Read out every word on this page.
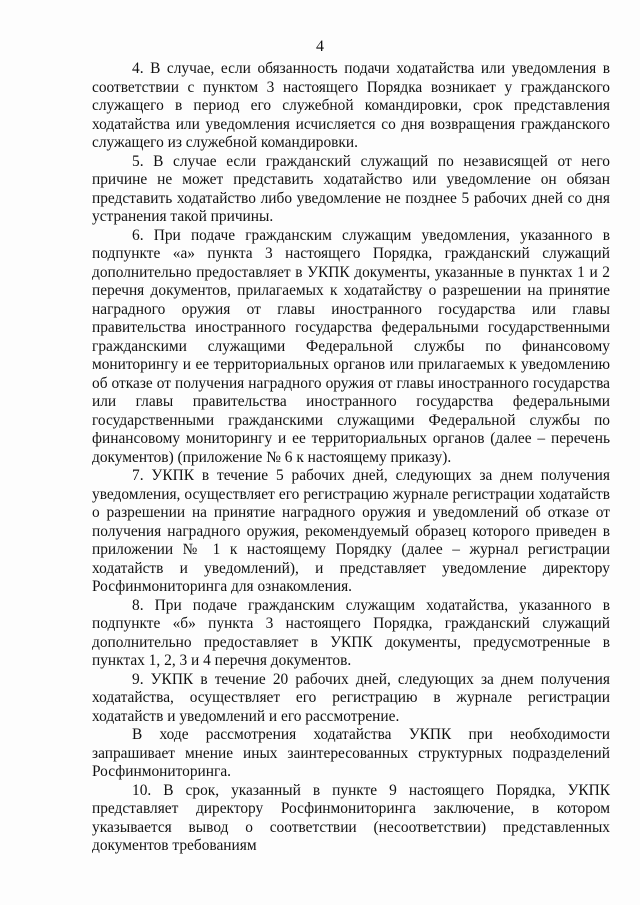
4

4. В случае, если обязанность подачи ходатайства или уведомления в соответствии с пунктом 3 настоящего Порядка возникает у гражданского служащего в период его служебной командировки, срок представления ходатайства или уведомления исчисляется со дня возвращения гражданского служащего из служебной командировки.

5. В случае если гражданский служащий по независящей от него причине не может представить ходатайство или уведомление он обязан представить ходатайство либо уведомление не позднее 5 рабочих дней со дня устранения такой причины.

6. При подаче гражданским служащим уведомления, указанного в подпункте «а» пункта 3 настоящего Порядка, гражданский служащий дополнительно предоставляет в УКПК документы, указанные в пунктах 1 и 2 перечня документов, прилагаемых к ходатайству о разрешении на принятие наградного оружия от главы иностранного государства или главы правительства иностранного государства федеральными государственными гражданскими служащими Федеральной службы по финансовому мониторингу и ее территориальных органов или прилагаемых к уведомлению об отказе от получения наградного оружия от главы иностранного государства или главы правительства иностранного государства федеральными государственными гражданскими служащими Федеральной службы по финансовому мониторингу и ее территориальных органов (далее – перечень документов) (приложение № 6 к настоящему приказу).

7. УКПК в течение 5 рабочих дней, следующих за днем получения уведомления, осуществляет его регистрацию журнале регистрации ходатайств о разрешении на принятие наградного оружия и уведомлений об отказе от получения наградного оружия, рекомендуемый образец которого приведен в приложении № 1 к настоящему Порядку (далее – журнал регистрации ходатайств и уведомлений), и представляет уведомление директору Росфинмониторинга для ознакомления.

8. При подаче гражданским служащим ходатайства, указанного в подпункте «б» пункта 3 настоящего Порядка, гражданский служащий дополнительно предоставляет в УКПК документы, предусмотренные в пунктах 1, 2, 3 и 4 перечня документов.

9. УКПК в течение 20 рабочих дней, следующих за днем получения ходатайства, осуществляет его регистрацию в журнале регистрации ходатайств и уведомлений и его рассмотрение.

В ходе рассмотрения ходатайства УКПК при необходимости запрашивает мнение иных заинтересованных структурных подразделений Росфинмониторинга.

10. В срок, указанный в пункте 9 настоящего Порядка, УКПК представляет директору Росфинмониторинга заключение, в котором указывается вывод о соответствии (несоответствии) представленных документов требованиям
